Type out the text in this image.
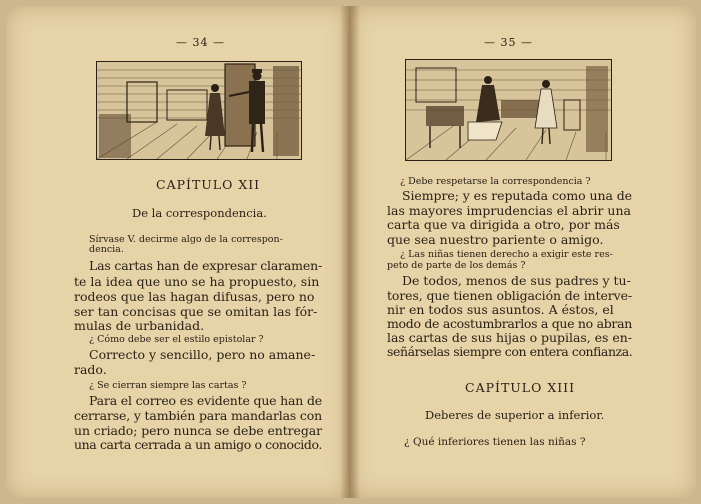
— 34 —	— 35 —
CAPÍTULO XII
De la correspondencia.
Sírvase V. decirme algo de la correspon-
dencia.
Las cartas han de expresar claramen-
te la idea que uno se ha propuesto, sin
rodeos que las hagan difusas, pero no
ser tan concisas que se omitan las fór-
mulas de urbanidad.
¿ Cómo debe ser el estilo epistolar ?
Correcto y sencillo, pero no amane-
rado.
¿ Se cierran siempre las cartas ?
Para el correo es evidente que han de
cerrarse, y también para mandarlas con
un criado; pero nunca se debe entregar
una carta cerrada a un amigo o conocido.
¿ Debe respetarse la correspondencia ?
Siempre; y es reputada como una de
las mayores imprudencias el abrir una
carta que va dirigida a otro, por más
que sea nuestro pariente o amigo.
¿ Las niñas tienen derecho a exigir este res-
peto de parte de los demás ?
De todos, menos de sus padres y tu-
tores, que tienen obligación de interve-
nir en todos sus asuntos. A éstos, el
modo de acostumbrarlos a que no abran
las cartas de sus hijas o pupilas, es en-
señárselas siempre con entera confianza.
CAPÍTULO XIII
Deberes de superior a inferior.
¿ Qué inferiores tienen las niñas ?
